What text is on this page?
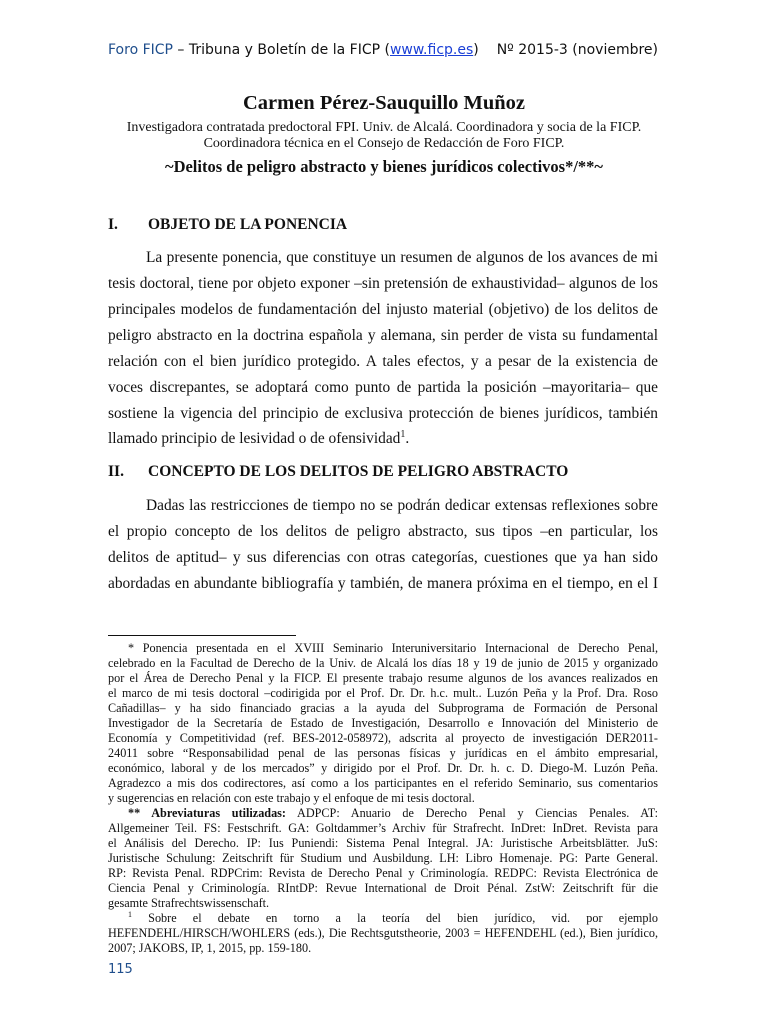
Foro FICP – Tribuna y Boletín de la FICP (www.ficp.es) Nº 2015-3 (noviembre)
Carmen Pérez-Sauquillo Muñoz
Investigadora contratada predoctoral FPI. Univ. de Alcalá. Coordinadora y socia de la FICP.
Coordinadora técnica en el Consejo de Redacción de Foro FICP.
~Delitos de peligro abstracto y bienes jurídicos colectivos*/**~
I. OBJETO DE LA PONENCIA
La presente ponencia, que constituye un resumen de algunos de los avances de mi
tesis doctoral, tiene por objeto exponer –sin pretensión de exhaustividad– algunos de los
principales modelos de fundamentación del injusto material (objetivo) de los delitos de
peligro abstracto en la doctrina española y alemana, sin perder de vista su fundamental
relación con el bien jurídico protegido. A tales efectos, y a pesar de la existencia de
voces discrepantes, se adoptará como punto de partida la posición –mayoritaria– que
sostiene la vigencia del principio de exclusiva protección de bienes jurídicos, también
llamado principio de lesividad o de ofensividad$^1$.
II. CONCEPTO DE LOS DELITOS DE PELIGRO ABSTRACTO
Dadas las restricciones de tiempo no se podrán dedicar extensas reflexiones sobre
el propio concepto de los delitos de peligro abstracto, sus tipos –en particular, los
delitos de aptitud– y sus diferencias con otras categorías, cuestiones que ya han sido
abordadas en abundante bibliografía y también, de manera próxima en el tiempo, en el I
* Ponencia presentada en el XVIII Seminario Interuniversitario Internacional de Derecho Penal,
celebrado en la Facultad de Derecho de la Univ. de Alcalá los días 18 y 19 de junio de 2015 y organizado
por el Área de Derecho Penal y la FICP. El presente trabajo resume algunos de los avances realizados en
el marco de mi tesis doctoral –codirigida por el Prof. Dr. Dr. h.c. mult.. Luzón Peña y la Prof. Dra. Roso
Cañadillas– y ha sido financiado gracias a la ayuda del Subprograma de Formación de Personal
Investigador de la Secretaría de Estado de Investigación, Desarrollo e Innovación del Ministerio de
Economía y Competitividad (ref. BES-2012-058972), adscrita al proyecto de investigación DER2011-
24011 sobre “Responsabilidad penal de las personas físicas y jurídicas en el ámbito empresarial,
económico, laboral y de los mercados” y dirigido por el Prof. Dr. Dr. h. c. D. Diego-M. Luzón Peña.
Agradezco a mis dos codirectores, así como a los participantes en el referido Seminario, sus comentarios
y sugerencias en relación con este trabajo y el enfoque de mi tesis doctoral.
** Abreviaturas utilizadas: ADPCP: Anuario de Derecho Penal y Ciencias Penales. AT:
Allgemeiner Teil. FS: Festschrift. GA: Goltdammer’s Archiv für Strafrecht. InDret: InDret. Revista para
el Análisis del Derecho. IP: Ius Puniendi: Sistema Penal Integral. JA: Juristische Arbeitsblätter. JuS:
Juristische Schulung: Zeitschrift für Studium und Ausbildung. LH: Libro Homenaje. PG: Parte General.
RP: Revista Penal. RDPCrim: Revista de Derecho Penal y Criminología. REDPC: Revista Electrónica de
Ciencia Penal y Criminología. RIntDP: Revue International de Droit Pénal. ZstW: Zeitschrift für die
gesamte Strafrechtswissenschaft.
$^1$ Sobre el debate en torno a la teoría del bien jurídico, vid. por ejemplo
HEFENDEHL/HIRSCH/WOHLERS (eds.), Die Rechtsgutstheorie, 2003 = HEFENDEHL (ed.), Bien jurídico,
2007; JAKOBS, IP, 1, 2015, pp. 159-180.
115
